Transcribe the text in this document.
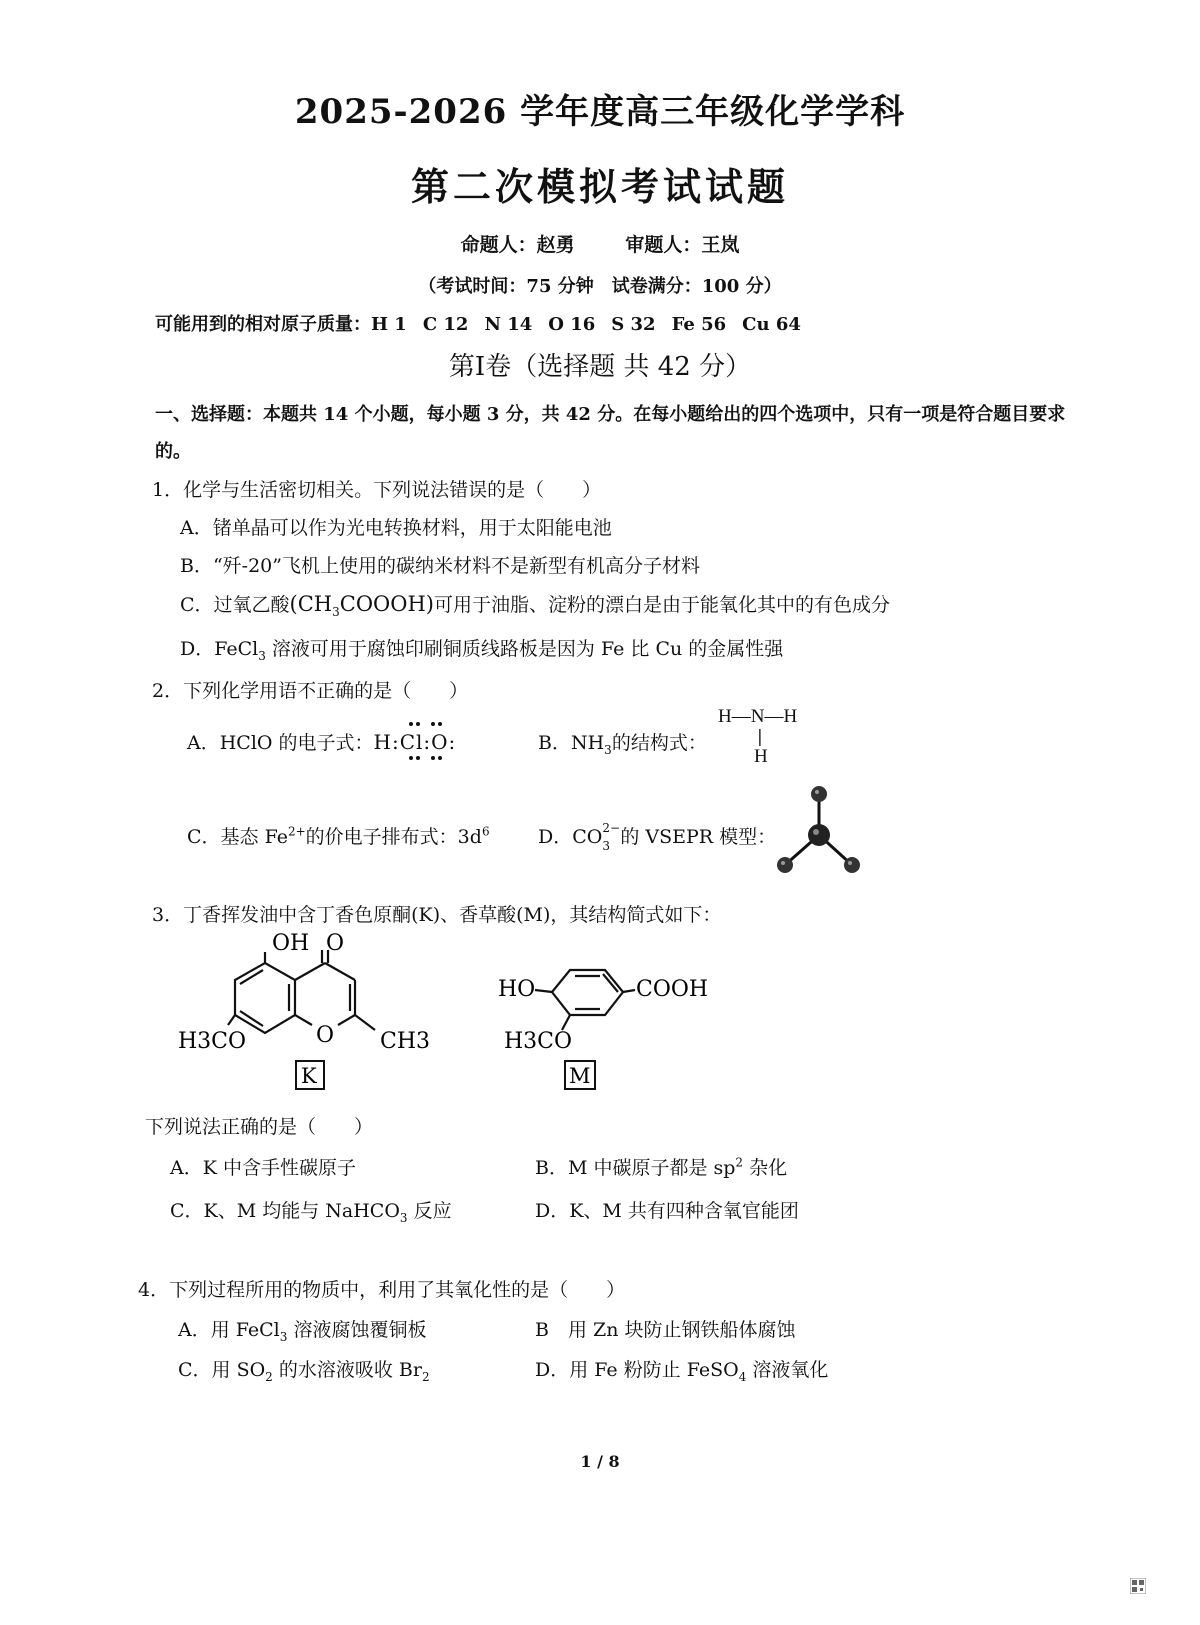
2025-2026 学年度高三年级化学学科
第二次模拟考试试题
命题人：赵勇	审题人：王岚
（考试时间：75 分钟　试卷满分：100 分）
可能用到的相对原子质量：H 1 C 12 N 14 O 16 S 32 Fe 56 Cu 64
第I卷（选择题 共 42 分）
一、选择题：本题共 14 个小题，每小题 3 分，共 42 分。在每小题给出的四个选项中，只有一项是符合题目要求的。
1．化学与生活密切相关。下列说法错误的是（　　）
A．锗单晶可以作为光电转换材料，用于太阳能电池
B．“歼-20”飞机上使用的碳纳米材料不是新型有机高分子材料
C．过氧乙酸$(CH_3COOOH)$可用于油脂、淀粉的漂白是由于能氧化其中的有色成分
D．FeCl$_3$ 溶液可用于腐蚀印刷铜质线路板是因为 Fe 比 Cu 的金属性强
2．下列化学用语不正确的是（　　）
A．HClO 的电子式：H:Cl:O:	B．$NH_3$的结构式：
H—N—H
|
H
C．基态 $Fe^{2+}$的价电子排布式：$3d^6$	D．CO 2−
3 的 VSEPR 模型：
3．丁香挥发油中含丁香色原酮(K)、香草酸(M)，其结构简式如下：
OH O
H3CO	O CH3
K
HO	COOH
H3CO
M
下列说法正确的是（　　）
A．K 中含手性碳原子	B．M 中碳原子都是 $sp^2$ 杂化
C．K、M 均能与 NaHCO$_3$ 反应	D．K、M 共有四种含氧官能团
4．下列过程所用的物质中，利用了其氧化性的是（　　）
A．用 FeCl$_3$ 溶液腐蚀覆铜板	B　用 Zn 块防止钢铁船体腐蚀
C．用 $SO_2$ 的水溶液吸收 $Br_2$	D．用 Fe 粉防止 FeSO$_4$ 溶液氧化
1 / 8
